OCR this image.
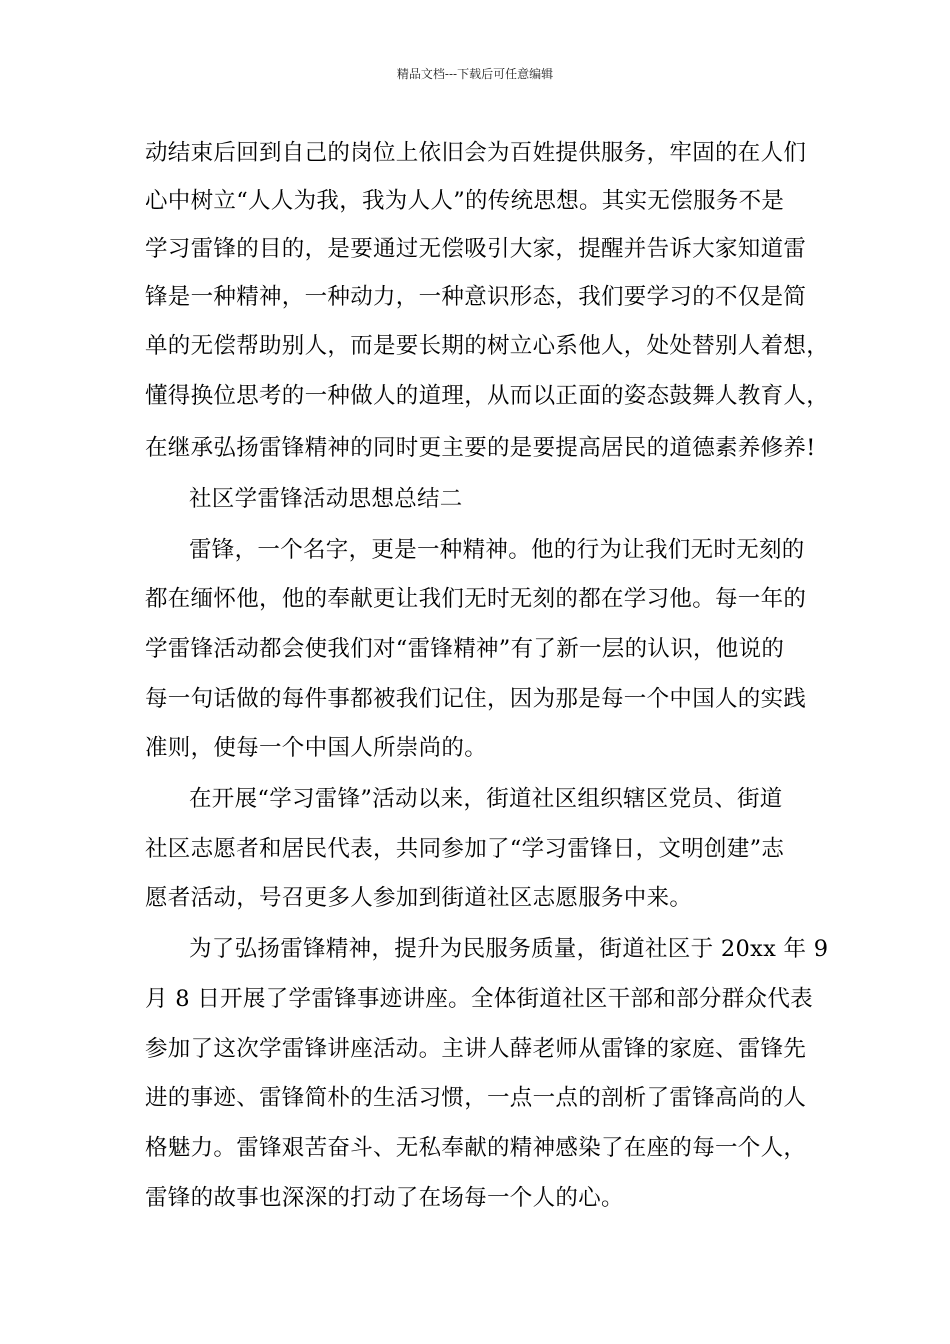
精品文档---下载后可任意编辑
动结束后回到自己的岗位上依旧会为百姓提供服务，牢固的在人们
心中树立“人人为我，我为人人”的传统思想。其实无偿服务不是
学习雷锋的目的，是要通过无偿吸引大家，提醒并告诉大家知道雷
锋是一种精神，一种动力，一种意识形态，我们要学习的不仅是简
单的无偿帮助别人，而是要长期的树立心系他人，处处替别人着想，
懂得换位思考的一种做人的道理，从而以正面的姿态鼓舞人教育人，
在继承弘扬雷锋精神的同时更主要的是要提高居民的道德素养修养!
社区学雷锋活动思想总结二
雷锋，一个名字，更是一种精神。他的行为让我们无时无刻的
都在缅怀他，他的奉献更让我们无时无刻的都在学习他。每一年的
学雷锋活动都会使我们对“雷锋精神”有了新一层的认识，他说的
每一句话做的每件事都被我们记住，因为那是每一个中国人的实践
准则，使每一个中国人所崇尚的。
在开展“学习雷锋”活动以来，街道社区组织辖区党员、街道
社区志愿者和居民代表，共同参加了“学习雷锋日，文明创建”志
愿者活动，号召更多人参加到街道社区志愿服务中来。
为了弘扬雷锋精神，提升为民服务质量，街道社区于 20xx 年 9
月 8 日开展了学雷锋事迹讲座。全体街道社区干部和部分群众代表
参加了这次学雷锋讲座活动。主讲人薛老师从雷锋的家庭、雷锋先
进的事迹、雷锋简朴的生活习惯，一点一点的剖析了雷锋高尚的人
格魅力。雷锋艰苦奋斗、无私奉献的精神感染了在座的每一个人，
雷锋的故事也深深的打动了在场每一个人的心。
